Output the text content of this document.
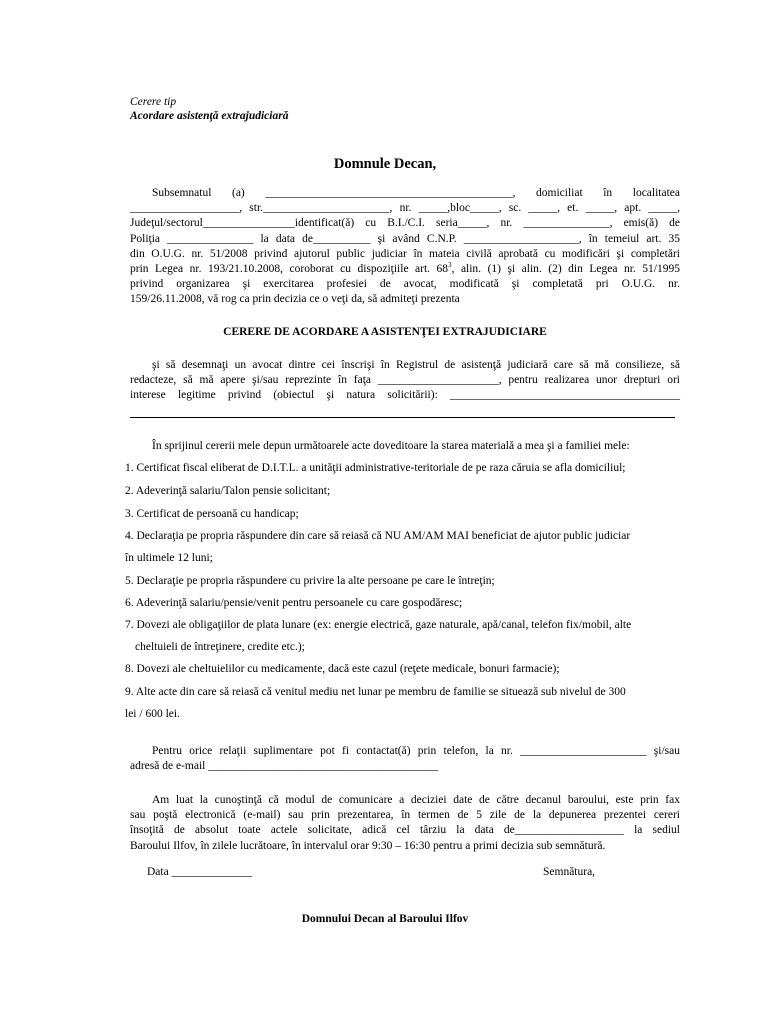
Cerere tip
Acordare asistenţă extrajudiciară
Domnule Decan,

Subsemnatul (a) ___________________________________________, domiciliat în localitatea

___________________, str.______________________, nr. _____,bloc_____, sc. _____, et. _____, apt. _____,

Judeţul/sectorul________________identificat(ă) cu B.I./C.I. seria_____, nr. _______________, emis(ă) de

Poliţia _______________ la data de__________ şi având C.N.P. ____________________, în temeiul art. 35

din O.U.G. nr. 51/2008 privind ajutorul public judiciar în mateia civilă aprobată cu modificări şi completări

prin Legea nr. 193/21.10.2008, coroborat cu dispoziţiile art. $68^3$, alin. (1) şi alin. (2) din Legea nr. 51/1995

privind organizarea şi exercitarea profesiei de avocat, modificată şi completată pri O.U.G. nr.

159/26.11.2008, vă rog ca prin decizia ce o veţi da, să admiteţi prezenta

CERERE DE ACORDARE A ASISTENŢEI EXTRAJUDICIARE

şi să desemnaţi un avocat dintre cei înscrişi în Registrul de asistenţă judiciară care să mă consilieze, să

redacteze, să mă apere şi/sau reprezinte în faţa _____________________, pentru realizarea unor drepturi ori

interese legitime privind (obiectul şi natura solicitării): ________________________________________

În sprijinul cererii mele depun următoarele acte doveditoare la starea materială a mea şi a familiei mele:

1. Certificat fiscal eliberat de D.I.T.L. a unităţii administrative-teritoriale de pe raza căruia se afla domiciliul;
2. Adeverinţă salariu/Talon pensie solicitant;
3. Certificat de persoană cu handicap;
4. Declaraţia pe propria răspundere din care să reiasă că NU AM/AM MAI beneficiat de ajutor public judiciar
în ultimele 12 luni;
5. Declaraţie pe propria răspundere cu privire la alte persoane pe care le întreţin;
6. Adeverinţă salariu/pensie/venit pentru persoanele cu care gospodăresc;
7. Dovezi ale obligaţiilor de plata lunare (ex: energie electrică, gaze naturale, apă/canal, telefon fix/mobil, alte
cheltuieli de întreţinere, credite etc.);
8. Dovezi ale cheltuielilor cu medicamente, dacă este cazul (reţete medicale, bonuri farmacie);
9. Alte acte din care să reiasă că venitul mediu net lunar pe membru de familie se situează sub nivelul de 300
lei / 600 lei.

Pentru orice relaţii suplimentare pot fi contactat(ă) prin telefon, la nr. ______________________ şi/sau

adresă de e-mail ________________________________________

Am luat la cunoştinţă că modul de comunicare a deciziei date de către decanul baroului, este prin fax

sau poştă electronică (e-mail) sau prin prezentarea, în termen de 5 zile de la depunerea prezentei cereri

însoţită de absolut toate actele solicitate, adică cel târziu la data de___________________ la sediul

Baroului Ilfov, în zilele lucrătoare, în intervalul orar 9:30 – 16:30 pentru a primi decizia sub semnătură.

Data ______________	Semnătura,
Domnului Decan al Baroului Ilfov
